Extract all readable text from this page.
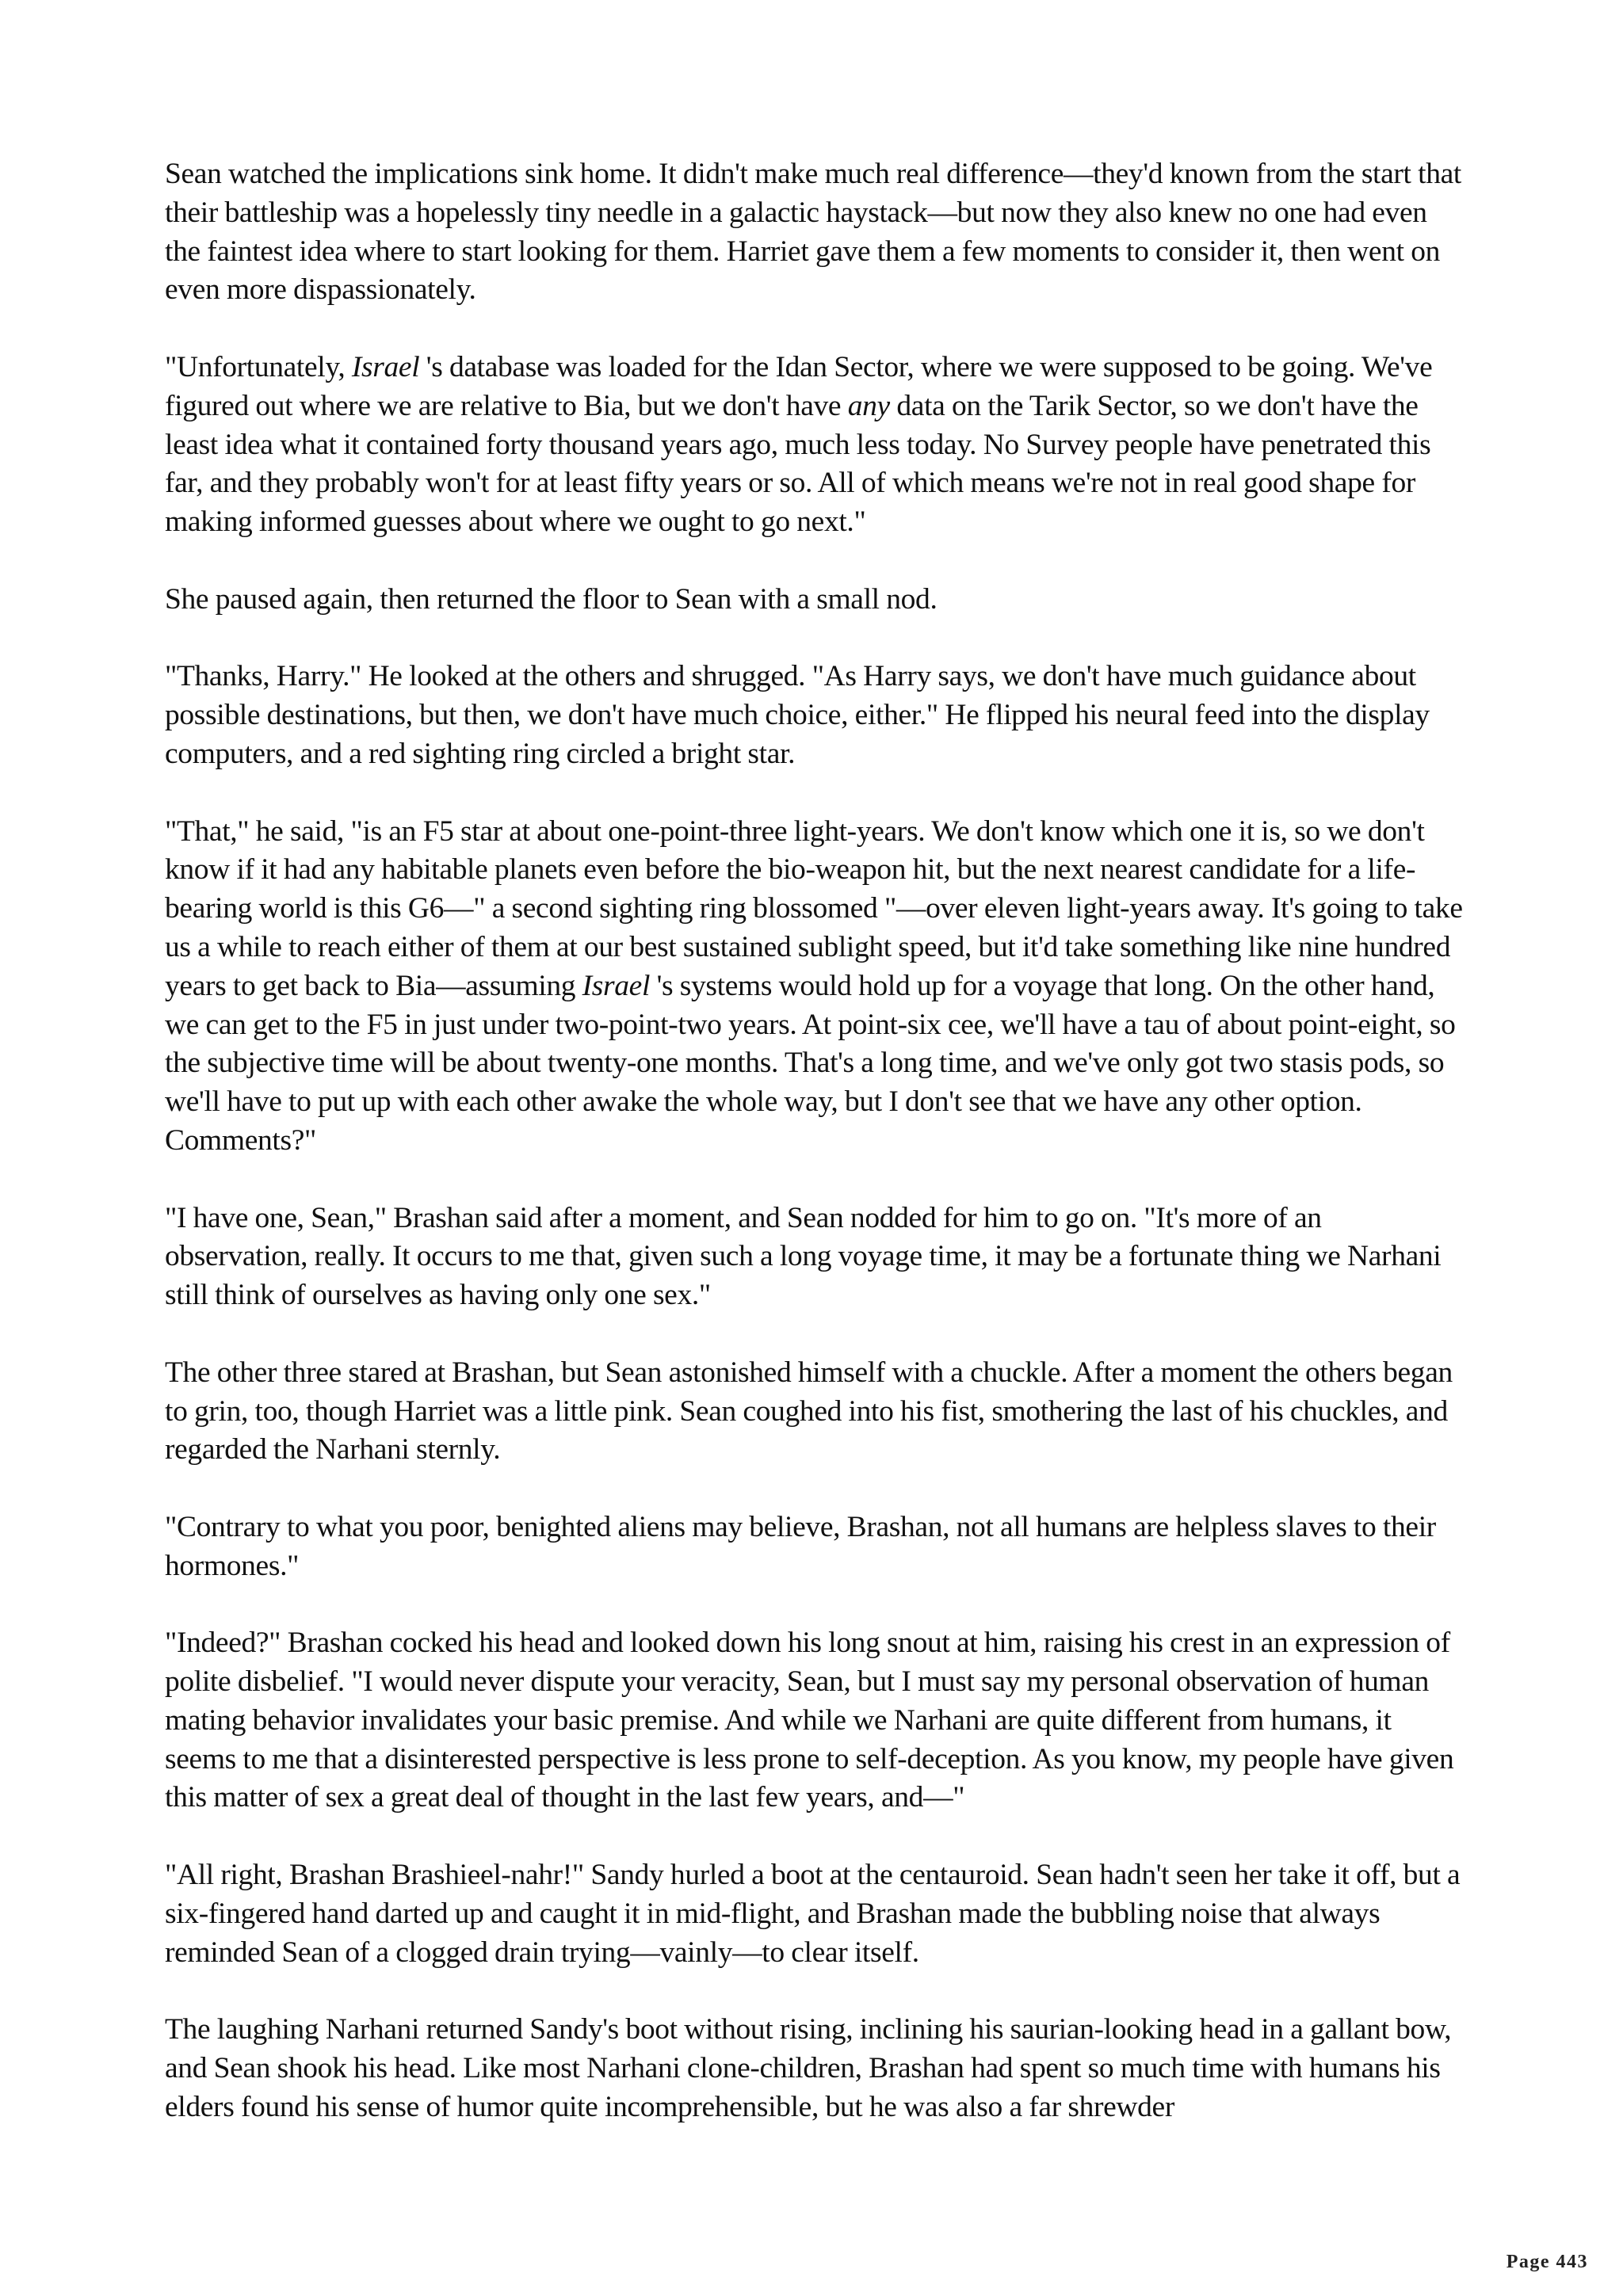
Sean watched the implications sink home. It didn't make much real difference—they'd known from the start that their battleship was a hopelessly tiny needle in a galactic haystack—but now they also knew no one had even the faintest idea where to start looking for them. Harriet gave them a few moments to consider it, then went on even more dispassionately.

"Unfortunately, Israel 's database was loaded for the Idan Sector, where we were supposed to be going. We've figured out where we are relative to Bia, but we don't have any data on the Tarik Sector, so we don't have the least idea what it contained forty thousand years ago, much less today. No Survey people have penetrated this far, and they probably won't for at least fifty years or so. All of which means we're not in real good shape for making informed guesses about where we ought to go next."

She paused again, then returned the floor to Sean with a small nod.

"Thanks, Harry." He looked at the others and shrugged. "As Harry says, we don't have much guidance about possible destinations, but then, we don't have much choice, either." He flipped his neural feed into the display computers, and a red sighting ring circled a bright star.

"That," he said, "is an F5 star at about one-point-three light-years. We don't know which one it is, so we don't know if it had any habitable planets even before the bio-weapon hit, but the next nearest candidate for a life-bearing world is this G6—" a second sighting ring blossomed "—over eleven light-years away. It's going to take us a while to reach either of them at our best sustained sublight speed, but it'd take something like nine hundred years to get back to Bia—assuming Israel 's systems would hold up for a voyage that long. On the other hand, we can get to the F5 in just under two-point-two years. At point-six cee, we'll have a tau of about point-eight, so the subjective time will be about twenty-one months. That's a long time, and we've only got two stasis pods, so we'll have to put up with each other awake the whole way, but I don't see that we have any other option. Comments?"

"I have one, Sean," Brashan said after a moment, and Sean nodded for him to go on. "It's more of an observation, really. It occurs to me that, given such a long voyage time, it may be a fortunate thing we Narhani still think of ourselves as having only one sex."

The other three stared at Brashan, but Sean astonished himself with a chuckle. After a moment the others began to grin, too, though Harriet was a little pink. Sean coughed into his fist, smothering the last of his chuckles, and regarded the Narhani sternly.

"Contrary to what you poor, benighted aliens may believe, Brashan, not all humans are helpless slaves to their hormones."

"Indeed?" Brashan cocked his head and looked down his long snout at him, raising his crest in an expression of polite disbelief. "I would never dispute your veracity, Sean, but I must say my personal observation of human mating behavior invalidates your basic premise. And while we Narhani are quite different from humans, it seems to me that a disinterested perspective is less prone to self-deception. As you know, my people have given this matter of sex a great deal of thought in the last few years, and—"

"All right, Brashan Brashieel-nahr!" Sandy hurled a boot at the centauroid. Sean hadn't seen her take it off, but a six-fingered hand darted up and caught it in mid-flight, and Brashan made the bubbling noise that always reminded Sean of a clogged drain trying—vainly—to clear itself.

The laughing Narhani returned Sandy's boot without rising, inclining his saurian-looking head in a gallant bow, and Sean shook his head. Like most Narhani clone-children, Brashan had spent so much time with humans his elders found his sense of humor quite incomprehensible, but he was also a far shrewder

Page 443
